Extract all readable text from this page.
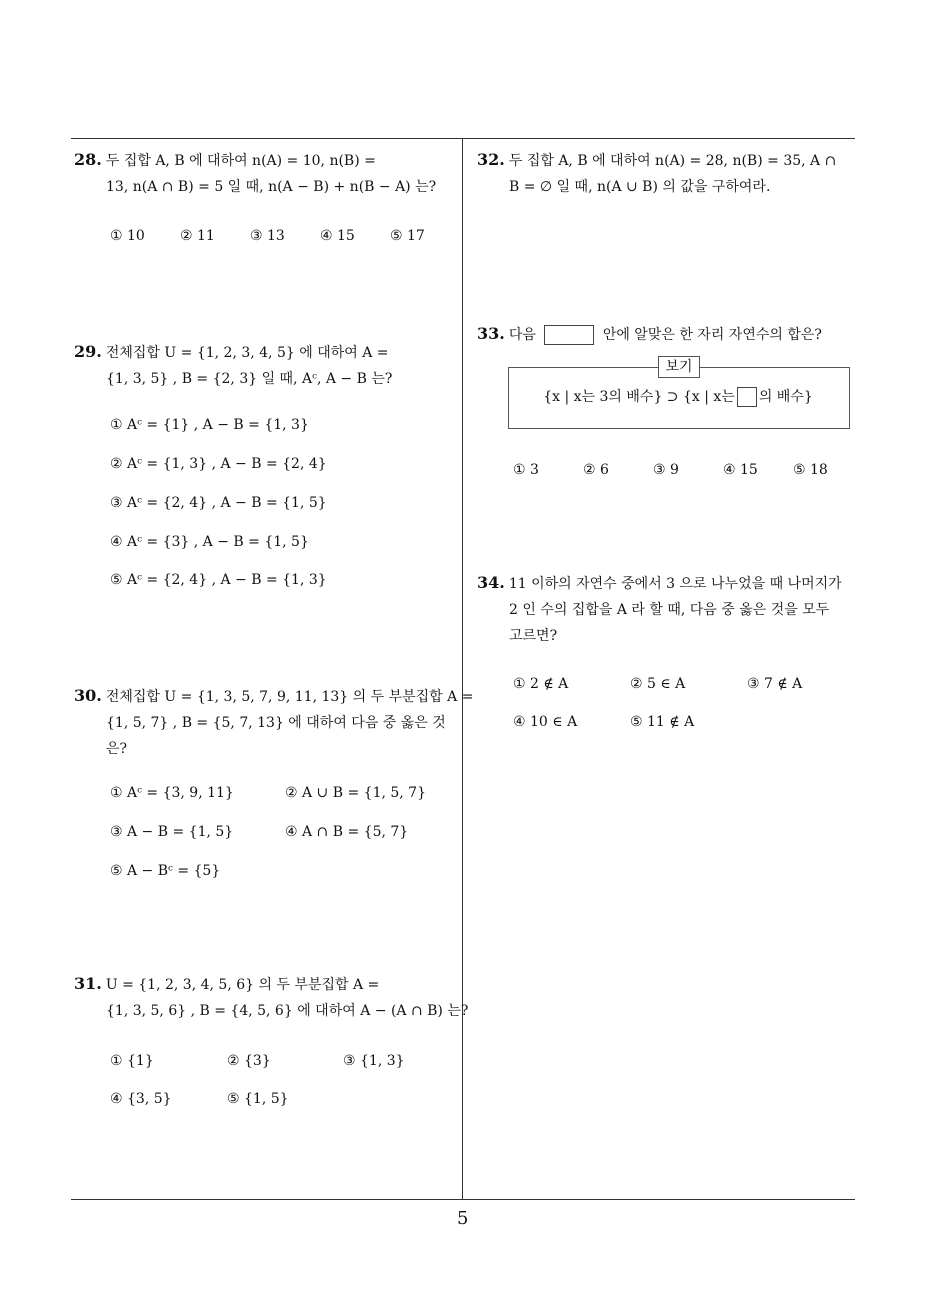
28. 두 집합 A, B 에 대하여 n(A) = 10, n(B) =
13, n(A ∩ B) = 5 일 때, n(A − B) + n(B − A) 는?
① 10	② 11	③ 13	④ 15	⑤ 17
29. 전체집합 U = {1, 2, 3, 4, 5} 에 대하여 A =
{1, 3, 5} , B = {2, 3} 일 때, Aᶜ, A − B 는?
① Aᶜ = {1} , A − B = {1, 3}
② Aᶜ = {1, 3} , A − B = {2, 4}
③ Aᶜ = {2, 4} , A − B = {1, 5}
④ Aᶜ = {3} , A − B = {1, 5}
⑤ Aᶜ = {2, 4} , A − B = {1, 3}
30. 전체집합 U = {1, 3, 5, 7, 9, 11, 13} 의 두 부분집합 A =
{1, 5, 7} , B = {5, 7, 13} 에 대하여 다음 중 옳은 것
은?
① Aᶜ = {3, 9, 11}	② A ∪ B = {1, 5, 7}
③ A − B = {1, 5}	④ A ∩ B = {5, 7}
⑤ A − Bᶜ = {5}
31. U = {1, 2, 3, 4, 5, 6} 의 두 부분집합 A =
{1, 3, 5, 6} , B = {4, 5, 6} 에 대하여 A − (A ∩ B) 는?
① {1}	② {3}	③ {1, 3}
④ {3, 5}	⑤ {1, 5}
32. 두 집합 A, B 에 대하여 n(A) = 28, n(B) = 35, A ∩
B = ∅ 일 때, n(A ∪ B) 의 값을 구하여라.
33. 다음	안에 알맞은 한 자리 자연수의 합은?
보기
{x | x는 3의 배수} ⊃ {x | x는 의 배수}
① 3	② 6	③ 9	④ 15	⑤ 18
34. 11 이하의 자연수 중에서 3 으로 나누었을 때 나머지가
2 인 수의 집합을 A 라 할 때, 다음 중 옳은 것을 모두
고르면?
① 2 ∉ A	② 5 ∈ A	③ 7 ∉ A
④ 10 ∈ A	⑤ 11 ∉ A
5
